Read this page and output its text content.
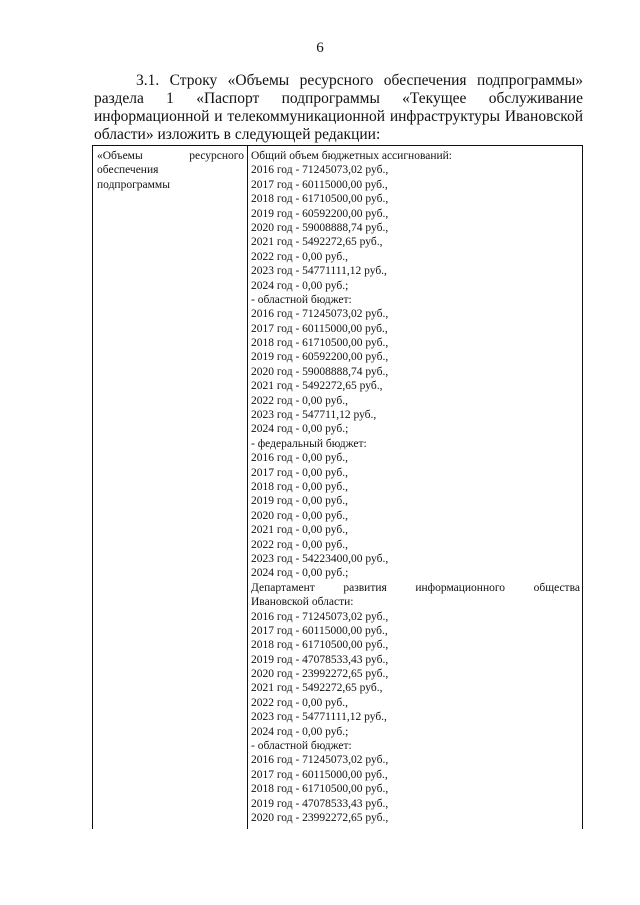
6
3.1. Строку «Объемы ресурсного обеспечения подпрограммы»
раздела 1 «Паспорт подпрограммы «Текущее обслуживание
информационной и телекоммуникационной инфраструктуры Ивановской
области» изложить в следующей редакции:
«Объемы	ресурсного
обеспечения
подпрограммы
Общий объем бюджетных ассигнований:
2016 год - 71245073,02 руб.,
2017 год - 60115000,00 руб.,
2018 год - 61710500,00 руб.,
2019 год - 60592200,00 руб.,
2020 год - 59008888,74 руб.,
2021 год - 5492272,65 руб.,
2022 год - 0,00 руб.,
2023 год - 54771111,12 руб.,
2024 год - 0,00 руб.;
- областной бюджет:
2016 год - 71245073,02 руб.,
2017 год - 60115000,00 руб.,
2018 год - 61710500,00 руб.,
2019 год - 60592200,00 руб.,
2020 год - 59008888,74 руб.,
2021 год - 5492272,65 руб.,
2022 год - 0,00 руб.,
2023 год - 547711,12 руб.,
2024 год - 0,00 руб.;
- федеральный бюджет:
2016 год - 0,00 руб.,
2017 год - 0,00 руб.,
2018 год - 0,00 руб.,
2019 год - 0,00 руб.,
2020 год - 0,00 руб.,
2021 год - 0,00 руб.,
2022 год - 0,00 руб.,
2023 год - 54223400,00 руб.,
2024 год - 0,00 руб.;
Департамент развития информационного общества
Ивановской области:
2016 год - 71245073,02 руб.,
2017 год - 60115000,00 руб.,
2018 год - 61710500,00 руб.,
2019 год - 47078533,43 руб.,
2020 год - 23992272,65 руб.,
2021 год - 5492272,65 руб.,
2022 год - 0,00 руб.,
2023 год - 54771111,12 руб.,
2024 год - 0,00 руб.;
- областной бюджет:
2016 год - 71245073,02 руб.,
2017 год - 60115000,00 руб.,
2018 год - 61710500,00 руб.,
2019 год - 47078533,43 руб.,
2020 год - 23992272,65 руб.,
